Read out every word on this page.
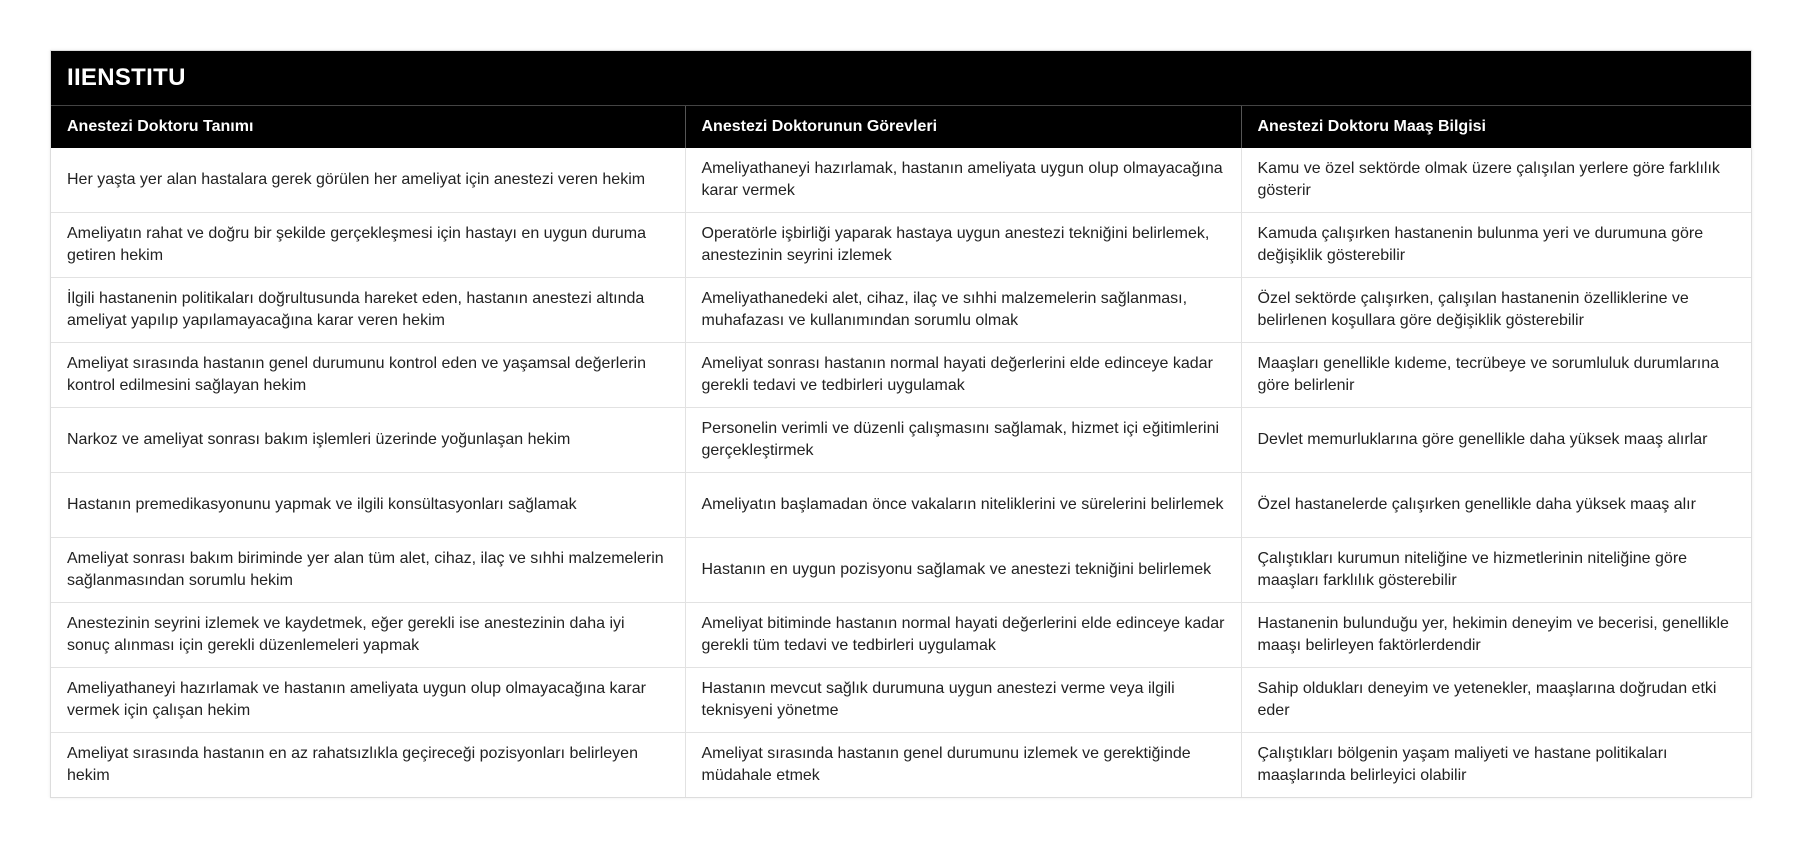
IIENSTITU
Anestezi Doktoru Tanımı	Anestezi Doktorunun Görevleri	Anestezi Doktoru Maaş Bilgisi
Her yaşta yer alan hastalara gerek görülen her ameliyat için anestezi veren hekim	Ameliyathaneyi hazırlamak, hastanın ameliyata uygun olup olmayacağına karar vermek	Kamu ve özel sektörde olmak üzere çalışılan yerlere göre farklılık gösterir
Ameliyatın rahat ve doğru bir şekilde gerçekleşmesi için hastayı en uygun duruma getiren hekim	Operatörle işbirliği yaparak hastaya uygun anestezi tekniğini belirlemek, anestezinin seyrini izlemek	Kamuda çalışırken hastanenin bulunma yeri ve durumuna göre değişiklik gösterebilir
İlgili hastanenin politikaları doğrultusunda hareket eden, hastanın anestezi altında ameliyat yapılıp yapılamayacağına karar veren hekim	Ameliyathanedeki alet, cihaz, ilaç ve sıhhi malzemelerin sağlanması, muhafazası ve kullanımından sorumlu olmak	Özel sektörde çalışırken, çalışılan hastanenin özelliklerine ve belirlenen koşullara göre değişiklik gösterebilir
Ameliyat sırasında hastanın genel durumunu kontrol eden ve yaşamsal değerlerin kontrol edilmesini sağlayan hekim	Ameliyat sonrası hastanın normal hayati değerlerini elde edinceye kadar gerekli tedavi ve tedbirleri uygulamak	Maaşları genellikle kıdeme, tecrübeye ve sorumluluk durumlarına göre belirlenir
Narkoz ve ameliyat sonrası bakım işlemleri üzerinde yoğunlaşan hekim	Personelin verimli ve düzenli çalışmasını sağlamak, hizmet içi eğitimlerini gerçekleştirmek	Devlet memurluklarına göre genellikle daha yüksek maaş alırlar
Hastanın premedikasyonunu yapmak ve ilgili konsültasyonları sağlamak	Ameliyatın başlamadan önce vakaların niteliklerini ve sürelerini belirlemek	Özel hastanelerde çalışırken genellikle daha yüksek maaş alır
Ameliyat sonrası bakım biriminde yer alan tüm alet, cihaz, ilaç ve sıhhi malzemelerin sağlanmasından sorumlu hekim	Hastanın en uygun pozisyonu sağlamak ve anestezi tekniğini belirlemek	Çalıştıkları kurumun niteliğine ve hizmetlerinin niteliğine göre maaşları farklılık gösterebilir
Anestezinin seyrini izlemek ve kaydetmek, eğer gerekli ise anestezinin daha iyi sonuç alınması için gerekli düzenlemeleri yapmak	Ameliyat bitiminde hastanın normal hayati değerlerini elde edinceye kadar gerekli tüm tedavi ve tedbirleri uygulamak	Hastanenin bulunduğu yer, hekimin deneyim ve becerisi, genellikle maaşı belirleyen faktörlerdendir
Ameliyathaneyi hazırlamak ve hastanın ameliyata uygun olup olmayacağına karar vermek için çalışan hekim	Hastanın mevcut sağlık durumuna uygun anestezi verme veya ilgili teknisyeni yönetme	Sahip oldukları deneyim ve yetenekler, maaşlarına doğrudan etki eder
Ameliyat sırasında hastanın en az rahatsızlıkla geçireceği pozisyonları belirleyen hekim	Ameliyat sırasında hastanın genel durumunu izlemek ve gerektiğinde müdahale etmek	Çalıştıkları bölgenin yaşam maliyeti ve hastane politikaları maaşlarında belirleyici olabilir
